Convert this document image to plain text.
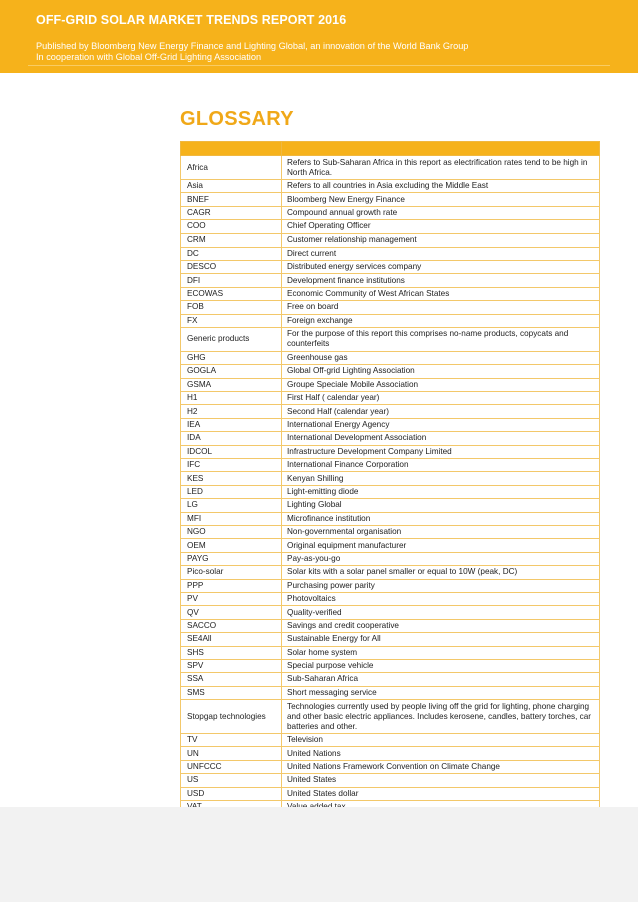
OFF-GRID SOLAR MARKET TRENDS REPORT 2016
Published by Bloomberg New Energy Finance and Lighting Global, an innovation of the World Bank Group
In cooperation with Global Off-Grid Lighting Association
GLOSSARY

Africa	Refers to Sub-Saharan Africa in this report as electrification rates tend to be high in North Africa.
Asia	Refers to all countries in Asia excluding the Middle East
BNEF	Bloomberg New Energy Finance
CAGR	Compound annual growth rate
COO	Chief Operating Officer
CRM	Customer relationship management
DC	Direct current
DESCO	Distributed energy services company
DFI	Development finance institutions
ECOWAS	Economic Community of West African States
FOB	Free on board
FX	Foreign exchange
Generic products	For the purpose of this report this comprises no-name products, copycats and counterfeits
GHG	Greenhouse gas
GOGLA	Global Off-grid Lighting Association
GSMA	Groupe Speciale Mobile Association
H1	First Half ( calendar year)
H2	Second Half (calendar year)
IEA	International Energy Agency
IDA	International Development Association
IDCOL	Infrastructure Development Company Limited
IFC	International Finance Corporation
KES	Kenyan Shilling
LED	Light-emitting diode
LG	Lighting Global
MFI	Microfinance institution
NGO	Non-governmental organisation
OEM	Original equipment manufacturer
PAYG	Pay-as-you-go
Pico-solar	Solar kits with a solar panel smaller or equal to 10W (peak, DC)
PPP	Purchasing power parity
PV	Photovoltaics
QV	Quality-verified
SACCO	Savings and credit cooperative
SE4All	Sustainable Energy for All
SHS	Solar home system
SPV	Special purpose vehicle
SSA	Sub-Saharan Africa
SMS	Short messaging service
Stopgap technologies	Technologies currently used by people living off the grid for lighting, phone charging and other basic electric appliances. Includes kerosene, candles, battery torches, car batteries and other.
TV	Television
UN	United Nations
UNFCCC	United Nations Framework Convention on Climate Change
US	United States
USD	United States dollar
